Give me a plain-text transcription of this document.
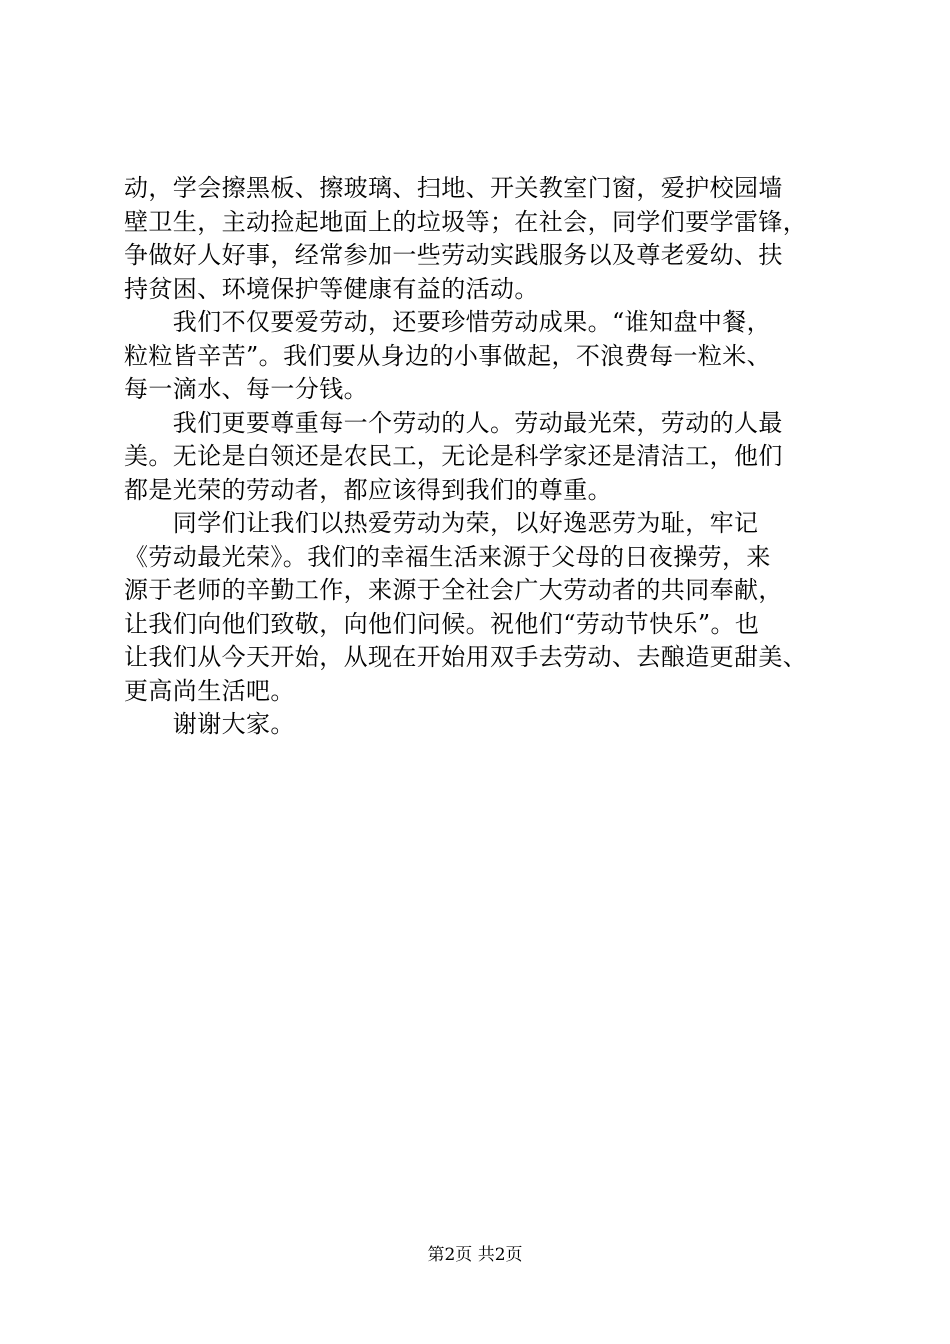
动，学会擦黑板、擦玻璃、扫地、开关教室门窗，爱护校园墙
壁卫生，主动捡起地面上的垃圾等；在社会，同学们要学雷锋，
争做好人好事，经常参加一些劳动实践服务以及尊老爱幼、扶
持贫困、环境保护等健康有益的活动。
　　我们不仅要爱劳动，还要珍惜劳动成果。“谁知盘中餐，
粒粒皆辛苦”。我们要从身边的小事做起，不浪费每一粒米、
每一滴水、每一分钱。
　　我们更要尊重每一个劳动的人。劳动最光荣，劳动的人最
美。无论是白领还是农民工，无论是科学家还是清洁工，他们
都是光荣的劳动者，都应该得到我们的尊重。
　　同学们让我们以热爱劳动为荣，以好逸恶劳为耻，牢记
《劳动最光荣》。我们的幸福生活来源于父母的日夜操劳，来
源于老师的辛勤工作，来源于全社会广大劳动者的共同奉献，
让我们向他们致敬，向他们问候。祝他们“劳动节快乐”。也
让我们从今天开始，从现在开始用双手去劳动、去酿造更甜美、
更高尚生活吧。
　　谢谢大家。
第2页 共2页
